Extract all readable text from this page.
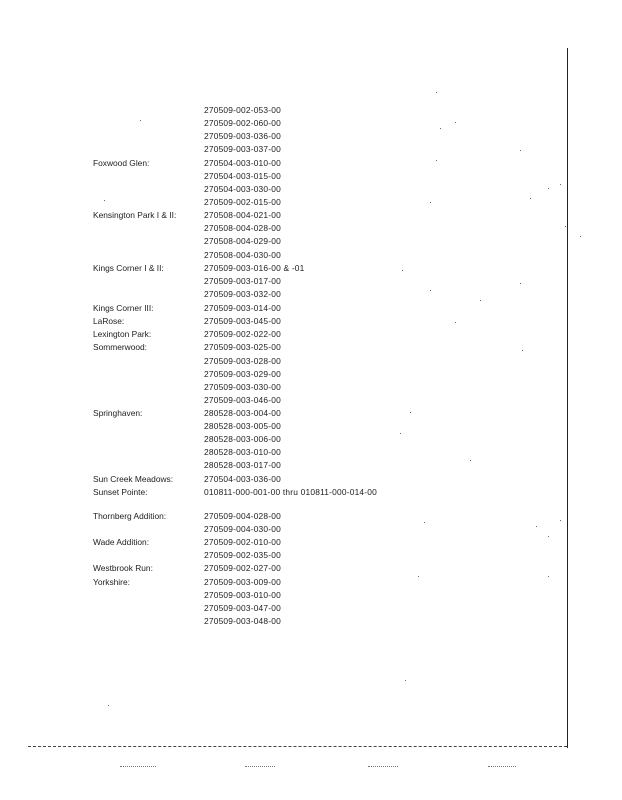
270509-002-053-00
270509-002-060-00
270509-003-036-00
270509-003-037-00
Foxwood Glen:	270504-003-010-00
270504-003-015-00
270504-003-030-00
270509-002-015-00
Kensington Park I & II:	270508-004-021-00
270508-004-028-00
270508-004-029-00
270508-004-030-00
Kings Corner I & II:	270509-003-016-00 & -01
270509-003-017-00
270509-003-032-00
Kings Corner III:	270509-003-014-00
LaRose:	270509-003-045-00
Lexington Park:	270509-002-022-00
Sommerwood:	270509-003-025-00
270509-003-028-00
270509-003-029-00
270509-003-030-00
270509-003-046-00
Springhaven:	280528-003-004-00
280528-003-005-00
280528-003-006-00
280528-003-010-00
280528-003-017-00
Sun Creek Meadows:	270504-003-036-00
Sunset Pointe:	010811-000-001-00 thru 010811-000-014-00
Thornberg Addition:	270509-004-028-00
270509-004-030-00
Wade Addition:	270509-002-010-00
270509-002-035-00
Westbrook Run:	270509-002-027-00
Yorkshire:	270509-003-009-00
270509-003-010-00
270509-003-047-00
270509-003-048-00
